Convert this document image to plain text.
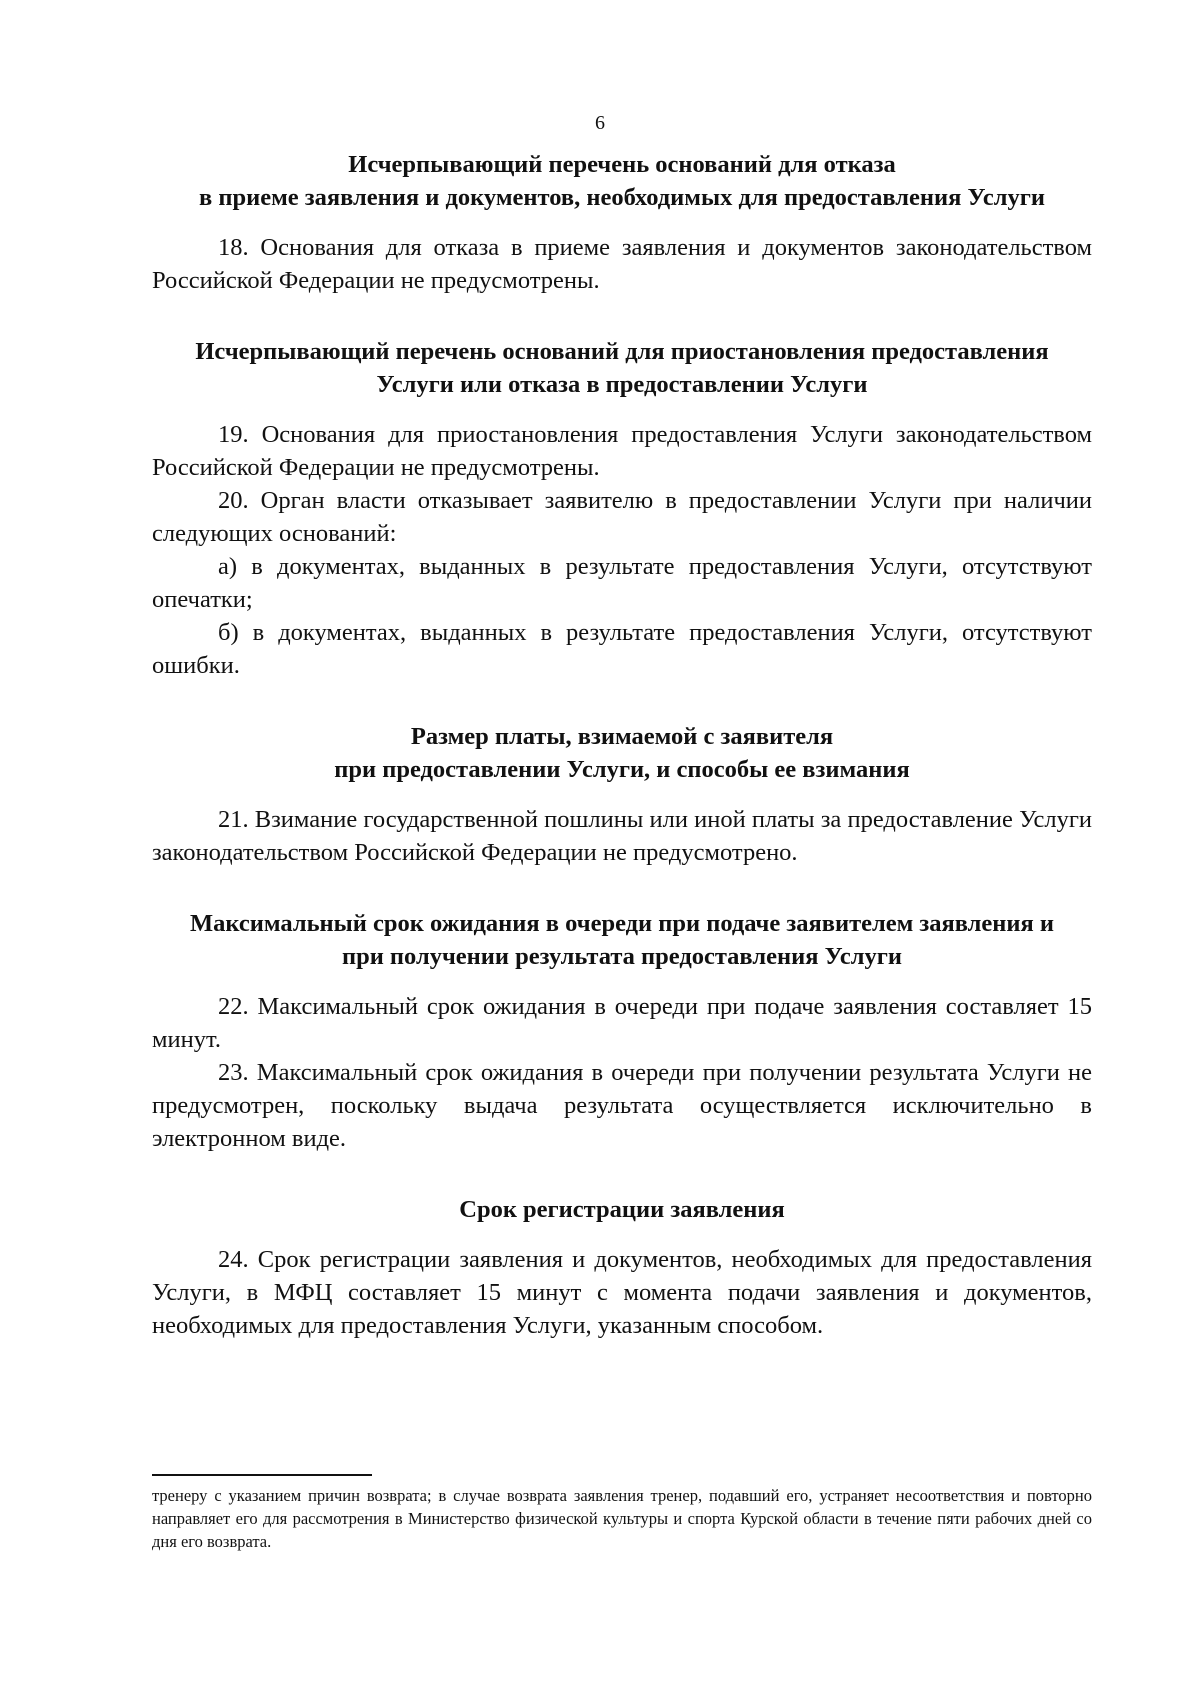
6
Исчерпывающий перечень оснований для отказа
в приеме заявления и документов, необходимых для предоставления Услуги

18. Основания для отказа в приеме заявления и документов законодательством Российской Федерации не предусмотрены.

Исчерпывающий перечень оснований для приостановления предоставления
Услуги или отказа в предоставлении Услуги

19. Основания для приостановления предоставления Услуги законодательством Российской Федерации не предусмотрены.

20. Орган власти отказывает заявителю в предоставлении Услуги при наличии следующих оснований:

а) в документах, выданных в результате предоставления Услуги, отсутствуют опечатки;

б) в документах, выданных в результате предоставления Услуги, отсутствуют ошибки.

Размер платы, взимаемой с заявителя
при предоставлении Услуги, и способы ее взимания

21. Взимание государственной пошлины или иной платы за предоставление Услуги законодательством Российской Федерации не предусмотрено.

Максимальный срок ожидания в очереди при подаче заявителем заявления и
при получении результата предоставления Услуги

22. Максимальный срок ожидания в очереди при подаче заявления составляет 15 минут.

23. Максимальный срок ожидания в очереди при получении результата Услуги не предусмотрен, поскольку выдача результата осуществляется исключительно в электронном виде.

Срок регистрации заявления

24. Срок регистрации заявления и документов, необходимых для предоставления Услуги, в МФЦ составляет 15 минут с момента подачи заявления и документов, необходимых для предоставления Услуги, указанным способом.

тренеру с указанием причин возврата; в случае возврата заявления тренер, подавший его, устраняет несоответствия и повторно направляет его для рассмотрения в Министерство физической культуры и спорта Курской области в течение пяти рабочих дней со дня его возврата.
